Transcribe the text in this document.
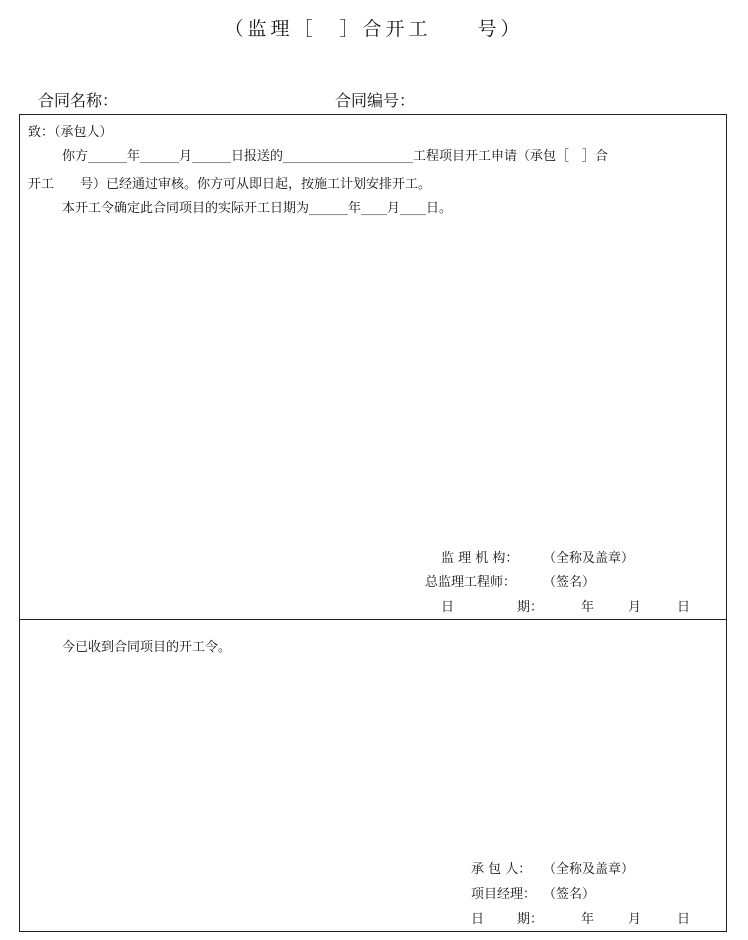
（监理［　］合开工　　号）
合同名称：	合同编号：
致：（承包人）
你方______年______月______日报送的____________________工程项目开工申请（承包［　］合
开工　　号）已经通过审核。你方可从即日起，按施工计划安排开工。
本开工令确定此合同项目的实际开工日期为______年____月____日。
监 理 机 构： （全称及盖章）
总监理工程师： （签名）
日	期：	年	月	日
今已收到合同项目的开工令。
承 包 人： （全称及盖章）
项目经理： （签名）
日	期：	年	月	日
